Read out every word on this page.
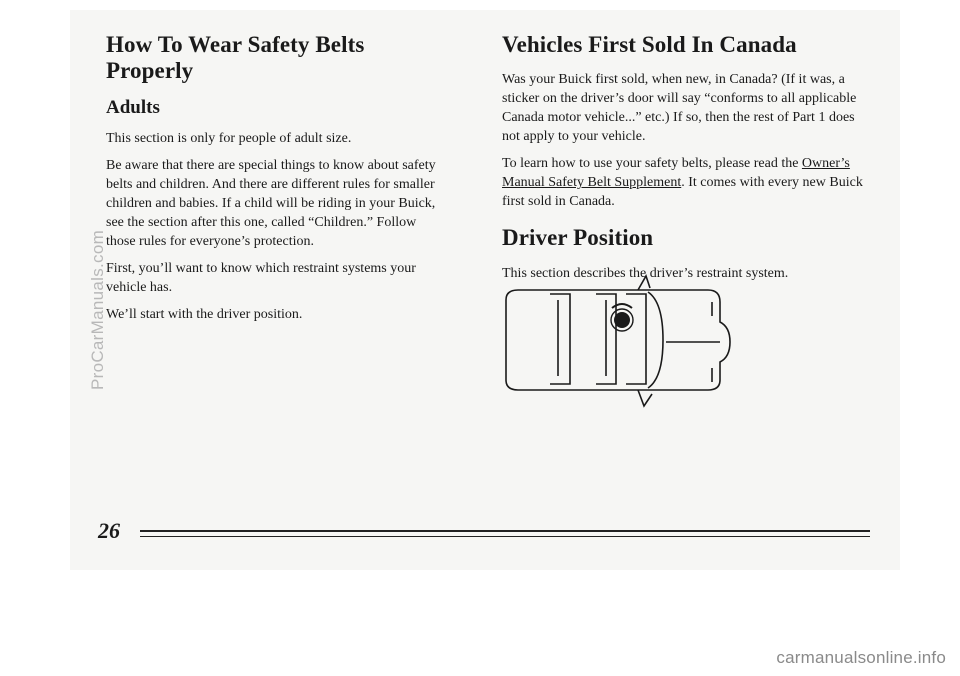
How To Wear Safety Belts Properly
Adults

This section is only for people of adult size.

Be aware that there are special things to know about safety belts and children. And there are different rules for smaller children and babies. If a child will be riding in your Buick, see the section after this one, called “Children.” Follow those rules for everyone’s protection.

First, you’ll want to know which restraint systems your vehicle has.

We’ll start with the driver position.

Vehicles First Sold In Canada

Was your Buick first sold, when new, in Canada? (If it was, a sticker on the driver’s door will say “conforms to all applicable Canada motor vehicle...” etc.) If so, then the rest of Part 1 does not apply to your vehicle.

To learn how to use your safety belts, please read the Owner’s Manual Safety Belt Supplement. It comes with every new Buick first sold in Canada.

Driver Position

This section describes the driver’s restraint system.

26
ProCarManuals.com
carmanualsonline.info
